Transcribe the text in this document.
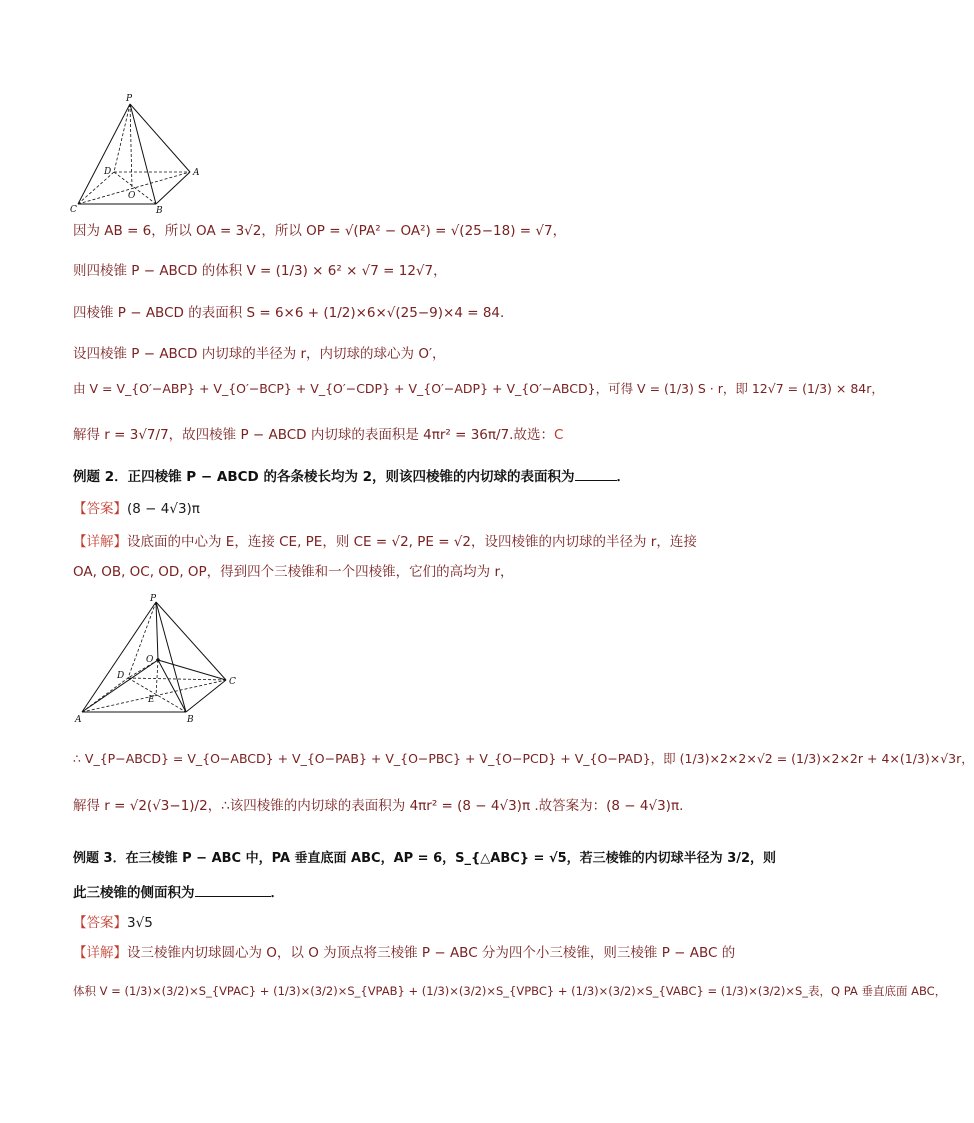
P
D	A
O
C	B
因为 AB = 6，所以 OA = 3√2，所以 OP = √(PA² − OA²) = √(25−18) = √7，
则四棱锥 P − ABCD 的体积 V = (1/3) × 6² × √7 = 12√7，
四棱锥 P − ABCD 的表面积 S = 6×6 + (1/2)×6×√(25−9)×4 = 84．
设四棱锥 P − ABCD 内切球的半径为 r，内切球的球心为 O′，
由 V = V_{O′−ABP} + V_{O′−BCP} + V_{O′−CDP} + V_{O′−ADP} + V_{O′−ABCD}，可得 V = (1/3) S · r，即 12√7 = (1/3) × 84r，
解得 r = 3√7/7，故四棱锥 P − ABCD 内切球的表面积是 4πr² = 36π/7.故选：C
例题 2．正四棱锥 P − ABCD 的各条棱长均为 2，则该四棱锥的内切球的表面积为	．
【答案】(8 − 4√3)π
【详解】设底面的中心为 E，连接 CE, PE，则 CE = √2, PE = √2，设四棱锥的内切球的半径为 r，连接
OA, OB, OC, OD, OP，得到四个三棱锥和一个四棱锥，它们的高均为 r，
P
O
D
C
E
A	B
∴ V_{P−ABCD} = V_{O−ABCD} + V_{O−PAB} + V_{O−PBC} + V_{O−PCD} + V_{O−PAD}，即 (1/3)×2×2×√2 = (1/3)×2×2r + 4×(1/3)×√3r，
解得 r = √2(√3−1)/2，∴该四棱锥的内切球的表面积为 4πr² = (8 − 4√3)π .故答案为：(8 − 4√3)π.
例题 3．在三棱锥 P − ABC 中，PA 垂直底面 ABC，AP = 6，S_{△ABC} = √5，若三棱锥的内切球半径为 3/2，则
此三棱锥的侧面积为	．
【答案】3√5
【详解】设三棱锥内切球圆心为 O，以 O 为顶点将三棱锥 P − ABC 分为四个小三棱锥，则三棱锥 P − ABC 的
体积 V = (1/3)×(3/2)×S_{VPAC} + (1/3)×(3/2)×S_{VPAB} + (1/3)×(3/2)×S_{VPBC} + (1/3)×(3/2)×S_{VABC} = (1/3)×(3/2)×S_表，Q PA 垂直底面 ABC，
